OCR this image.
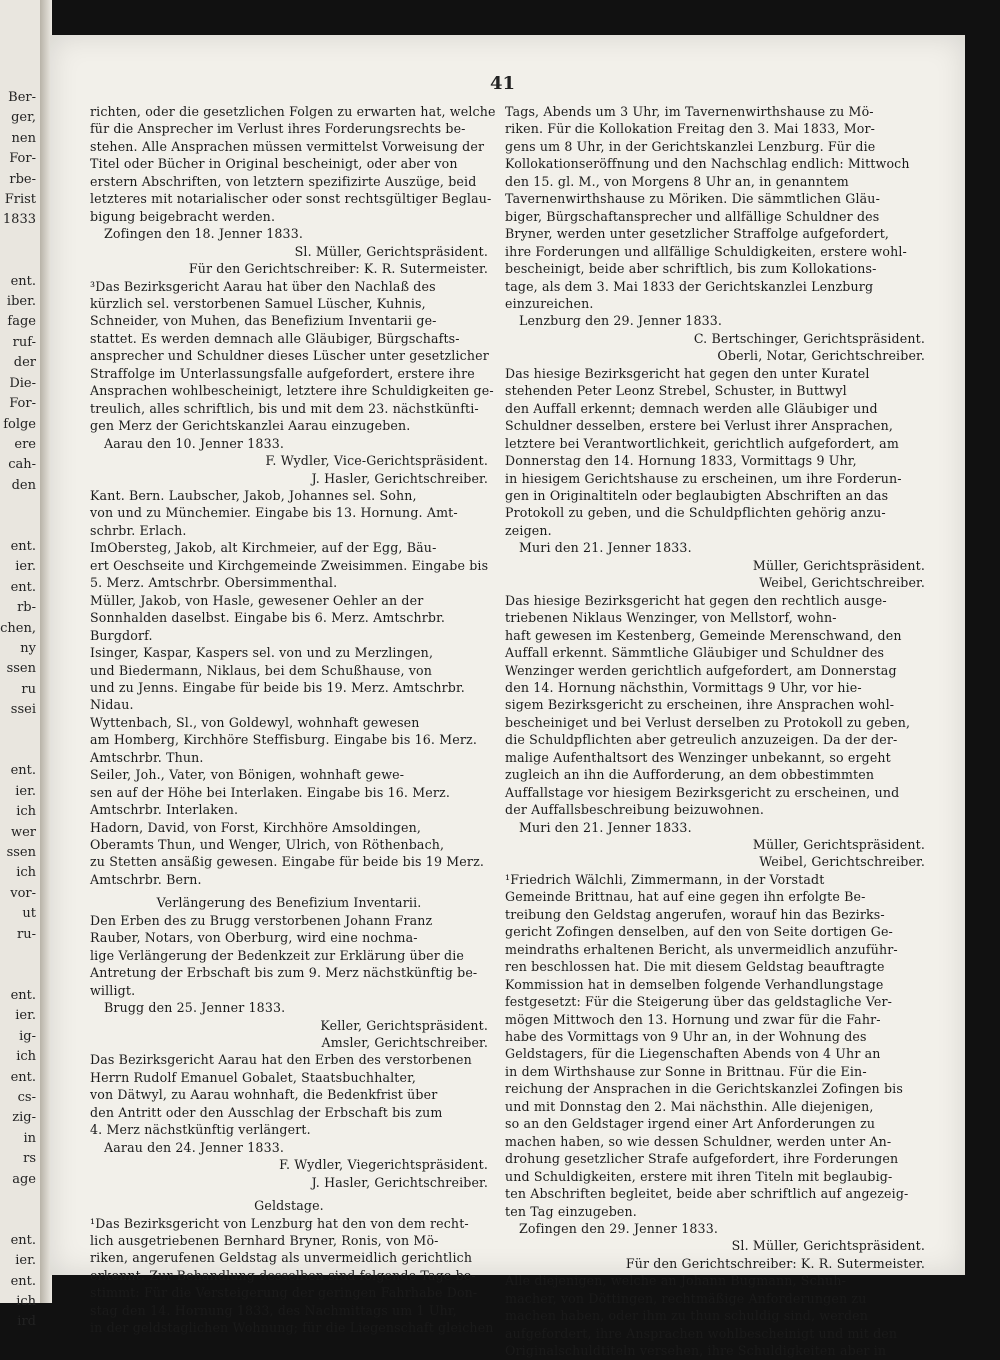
Ber-
ger,
nen
For-
rbe-
Frist
1833

ent.
iber.
fage
ruf-
der
Die-
For-
folge
ere
cah-
den

ent.
ier.
ent.
rb-
chen,
ny
ssen
ru
ssei

ent.
ier.
ich
wer
ssen
ich
vor-
ut
ru-

ent.
ier.
ig-
ich
ent.
cs-
zig-
in
rs
age

ent.
ier.
ent.
ich
ird
41

richten, oder die gesetzlichen Folgen zu erwarten hat, welche

für die Ansprecher im Verlust ihres Forderungsrechts be-

stehen. Alle Ansprachen müssen vermittelst Vorweisung der

Titel oder Bücher in Original bescheinigt, oder aber von

erstern Abschriften, von letztern spezifizirte Auszüge, beid

letzteres mit notarialischer oder sonst rechtsgültiger Beglau-

bigung beigebracht werden.

Zofingen den 18. Jenner 1833.

Sl. Müller, Gerichtspräsident.

Für den Gerichtschreiber: K. R. Sutermeister.

³Das Bezirksgericht Aarau hat über den Nachlaß des

kürzlich sel. verstorbenen Samuel Lüscher, Kuhnis,

Schneider, von Muhen, das Benefizium Inventarii ge-

stattet. Es werden demnach alle Gläubiger, Bürgschafts-

ansprecher und Schuldner dieses Lüscher unter gesetzlicher

Straffolge im Unterlassungsfalle aufgefordert, erstere ihre

Ansprachen wohlbescheinigt, letztere ihre Schuldigkeiten ge-

treulich, alles schriftlich, bis und mit dem 23. nächstkünfti-

gen Merz der Gerichtskanzlei Aarau einzugeben.

Aarau den 10. Jenner 1833.

F. Wydler, Vice-Gerichtspräsident.

J. Hasler, Gerichtschreiber.

Kant. Bern. Laubscher, Jakob, Johannes sel. Sohn,

von und zu Münchemier. Eingabe bis 13. Hornung. Amt-

schrbr. Erlach.

ImObersteg, Jakob, alt Kirchmeier, auf der Egg, Bäu-

ert Oeschseite und Kirchgemeinde Zweisimmen. Eingabe bis

5. Merz. Amtschrbr. Obersimmenthal.

Müller, Jakob, von Hasle, gewesener Oehler an der

Sonnhalden daselbst. Eingabe bis 6. Merz. Amtschrbr.

Burgdorf.

Isinger, Kaspar, Kaspers sel. von und zu Merzlingen,

und Biedermann, Niklaus, bei dem Schußhause, von

und zu Jenns. Eingabe für beide bis 19. Merz. Amtschrbr.

Nidau.

Wyttenbach, Sl., von Goldewyl, wohnhaft gewesen

am Homberg, Kirchhöre Steffisburg. Eingabe bis 16. Merz.

Amtschrbr. Thun.

Seiler, Joh., Vater, von Bönigen, wohnhaft gewe-

sen auf der Höhe bei Interlaken. Eingabe bis 16. Merz.

Amtschrbr. Interlaken.

Hadorn, David, von Forst, Kirchhöre Amsoldingen,

Oberamts Thun, und Wenger, Ulrich, von Röthenbach,

zu Stetten ansäßig gewesen. Eingabe für beide bis 19 Merz.

Amtschrbr. Bern.

Verlängerung des Benefizium Inventarii.

Den Erben des zu Brugg verstorbenen Johann Franz

Rauber, Notars, von Oberburg, wird eine nochma-

lige Verlängerung der Bedenkzeit zur Erklärung über die

Antretung der Erbschaft bis zum 9. Merz nächstkünftig be-

willigt.

Brugg den 25. Jenner 1833.

Keller, Gerichtspräsident.

Amsler, Gerichtschreiber.

Das Bezirksgericht Aarau hat den Erben des verstorbenen

Herrn Rudolf Emanuel Gobalet, Staatsbuchhalter,

von Dätwyl, zu Aarau wohnhaft, die Bedenkfrist über

den Antritt oder den Ausschlag der Erbschaft bis zum

4. Merz nächstkünftig verlängert.

Aarau den 24. Jenner 1833.

F. Wydler, Viegerichtspräsident.

J. Hasler, Gerichtschreiber.

Geldstage.

¹Das Bezirksgericht von Lenzburg hat den von dem recht-

lich ausgetriebenen Bernhard Bryner, Ronis, von Mö-

riken, angerufenen Geldstag als unvermeidlich gerichtlich

erkennt. Zur Behandlung desselben sind folgende Tage be-

stimmt: Für die Versteigerung der geringen Fahrhabe Don-

stag den 14. Hornung 1833, des Nachmittags um 1 Uhr,

in der geldstaglichen Wohnung; für die Liegenschaft gleichen

Tags, Abends um 3 Uhr, im Tavernenwirthshause zu Mö-

riken. Für die Kollokation Freitag den 3. Mai 1833, Mor-

gens um 8 Uhr, in der Gerichtskanzlei Lenzburg. Für die

Kollokationseröffnung und den Nachschlag endlich: Mittwoch

den 15. gl. M., von Morgens 8 Uhr an, in genanntem

Tavernenwirthshause zu Möriken. Die sämmtlichen Gläu-

biger, Bürgschaftansprecher und allfällige Schuldner des

Bryner, werden unter gesetzlicher Straffolge aufgefordert,

ihre Forderungen und allfällige Schuldigkeiten, erstere wohl-

bescheinigt, beide aber schriftlich, bis zum Kollokations-

tage, als dem 3. Mai 1833 der Gerichtskanzlei Lenzburg

einzureichen.

Lenzburg den 29. Jenner 1833.

C. Bertschinger, Gerichtspräsident.

Oberli, Notar, Gerichtschreiber.

Das hiesige Bezirksgericht hat gegen den unter Kuratel

stehenden Peter Leonz Strebel, Schuster, in Buttwyl

den Auffall erkennt; demnach werden alle Gläubiger und

Schuldner desselben, erstere bei Verlust ihrer Ansprachen,

letztere bei Verantwortlichkeit, gerichtlich aufgefordert, am

Donnerstag den 14. Hornung 1833, Vormittags 9 Uhr,

in hiesigem Gerichtshause zu erscheinen, um ihre Forderun-

gen in Originaltiteln oder beglaubigten Abschriften an das

Protokoll zu geben, und die Schuldpflichten gehörig anzu-

zeigen.

Muri den 21. Jenner 1833.

Müller, Gerichtspräsident.

Weibel, Gerichtschreiber.

Das hiesige Bezirksgericht hat gegen den rechtlich ausge-

triebenen Niklaus Wenzinger, von Mellstorf, wohn-

haft gewesen im Kestenberg, Gemeinde Merenschwand, den

Auffall erkennt. Sämmtliche Gläubiger und Schuldner des

Wenzinger werden gerichtlich aufgefordert, am Donnerstag

den 14. Hornung nächsthin, Vormittags 9 Uhr, vor hie-

sigem Bezirksgericht zu erscheinen, ihre Ansprachen wohl-

bescheiniget und bei Verlust derselben zu Protokoll zu geben,

die Schuldpflichten aber getreulich anzuzeigen. Da der der-

malige Aufenthaltsort des Wenzinger unbekannt, so ergeht

zugleich an ihn die Aufforderung, an dem obbestimmten

Auffallstage vor hiesigem Bezirksgericht zu erscheinen, und

der Auffallsbeschreibung beizuwohnen.

Muri den 21. Jenner 1833.

Müller, Gerichtspräsident.

Weibel, Gerichtschreiber.

¹Friedrich Wälchli, Zimmermann, in der Vorstadt

Gemeinde Brittnau, hat auf eine gegen ihn erfolgte Be-

treibung den Geldstag angerufen, worauf hin das Bezirks-

gericht Zofingen denselben, auf den von Seite dortigen Ge-

meindraths erhaltenen Bericht, als unvermeidlich anzuführ-

ren beschlossen hat. Die mit diesem Geldstag beauftragte

Kommission hat in demselben folgende Verhandlungstage

festgesetzt: Für die Steigerung über das geldstagliche Ver-

mögen Mittwoch den 13. Hornung und zwar für die Fahr-

habe des Vormittags von 9 Uhr an, in der Wohnung des

Geldstagers, für die Liegenschaften Abends von 4 Uhr an

in dem Wirthshause zur Sonne in Brittnau. Für die Ein-

reichung der Ansprachen in die Gerichtskanzlei Zofingen bis

und mit Donnstag den 2. Mai nächsthin. Alle diejenigen,

so an den Geldstager irgend einer Art Anforderungen zu

machen haben, so wie dessen Schuldner, werden unter An-

drohung gesetzlicher Strafe aufgefordert, ihre Forderungen

und Schuldigkeiten, erstere mit ihren Titeln mit beglaubig-

ten Abschriften begleitet, beide aber schriftlich auf angezeig-

ten Tag einzugeben.

Zofingen den 29. Jenner 1833.

Sl. Müller, Gerichtspräsident.

Für den Gerichtschreiber: K. R. Sutermeister.

Alle diejenigen, welche an Johann Bugmann, Schuh-

macher, von Döttingen, rechtmäßige Anforderungen zu

machen haben, oder ihm zu thun schuldig sind, werden

aufgefordert, ihre Ansprachen wohlbescheinigt und mit den

Originalschuldtiteln versehen, ihre Schuldigkeiten aber in
